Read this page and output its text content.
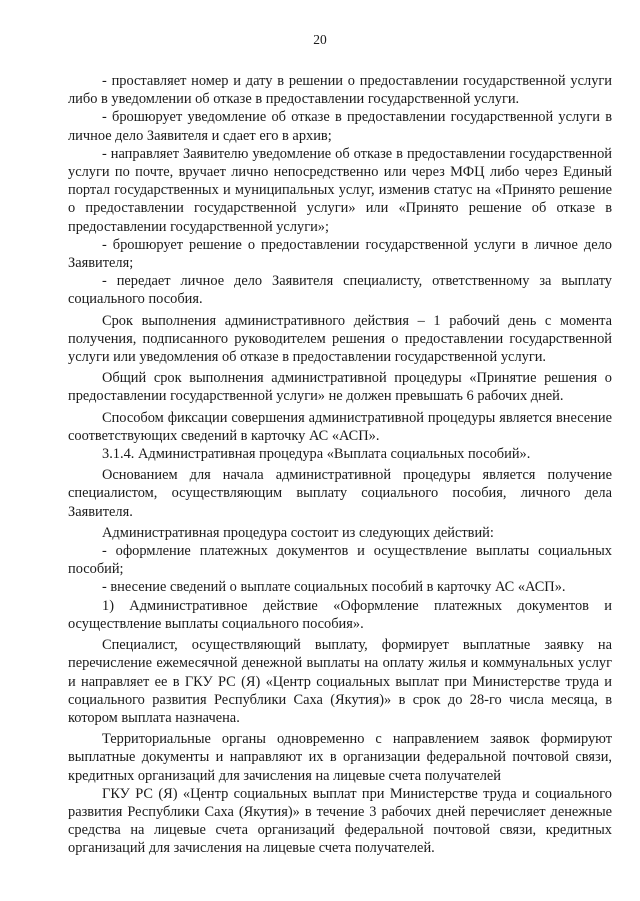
20

- проставляет номер и дату в решении о предоставлении государственной услуги либо в уведомлении об отказе в предоставлении государственной услуги.

- брошюрует уведомление об отказе в предоставлении государственной услуги в личное дело Заявителя и сдает его в архив;

- направляет Заявителю уведомление об отказе в предоставлении государственной услуги по почте, вручает лично непосредственно или через МФЦ либо через Единый портал государственных и муниципальных услуг, изменив статус на «Принято решение о предоставлении государственной услуги» или «Принято решение об отказе в предоставлении государственной услуги»;

- брошюрует решение о предоставлении государственной услуги в личное дело Заявителя;

- передает личное дело Заявителя специалисту, ответственному за выплату социального пособия.

Срок выполнения административного действия – 1 рабочий день с момента получения, подписанного руководителем решения о предоставлении государственной услуги или уведомления об отказе в предоставлении государственной услуги.

Общий срок выполнения административной процедуры «Принятие решения о предоставлении государственной услуги» не должен превышать 6 рабочих дней.

Способом фиксации совершения административной процедуры является внесение соответствующих сведений в карточку АС «АСП».

3.1.4. Административная процедура «Выплата социальных пособий».

Основанием для начала административной процедуры является получение специалистом, осуществляющим выплату социального пособия, личного дела Заявителя.

Административная процедура состоит из следующих действий:

- оформление платежных документов и осуществление выплаты социальных пособий;

- внесение сведений о выплате социальных пособий в карточку АС «АСП».

1) Административное действие «Оформление платежных документов и осуществление выплаты социального пособия».

Специалист, осуществляющий выплату, формирует выплатные заявку на перечисление ежемесячной денежной выплаты на оплату жилья и коммунальных услуг и направляет ее в ГКУ РС (Я) «Центр социальных выплат при Министерстве труда и социального развития Республики Саха (Якутия)» в срок до 28-го числа месяца, в котором выплата назначена.

Территориальные органы одновременно с направлением заявок формируют выплатные документы и направляют их в организации федеральной почтовой связи, кредитных организаций для зачисления на лицевые счета получателей

ГКУ РС (Я) «Центр социальных выплат при Министерстве труда и социального развития Республики Саха (Якутия)» в течение 3 рабочих дней перечисляет денежные средства на лицевые счета организаций федеральной почтовой связи, кредитных организаций для зачисления на лицевые счета получателей.
